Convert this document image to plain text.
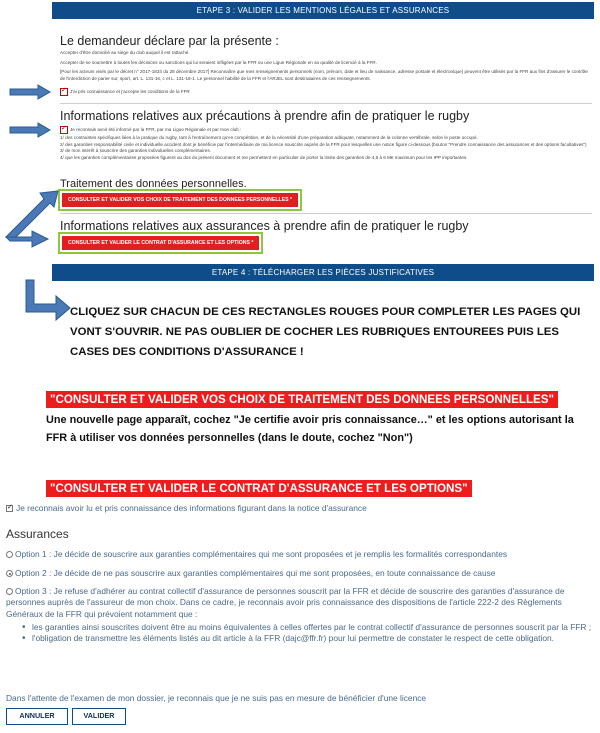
ETAPE 3 : VALIDER LES MENTIONS LÉGALES ET ASSURANCES
Le demandeur déclare par la présente :

Accepter d'être domicilié au siège du club auquel il est rattaché.

Accepter de se soumettre à toutes les décisions ou sanctions qui lui seraient infligées par la FFR ou une Ligue Régionale en sa qualité de licencié à la FFR.

[Pour les acteurs visés par le décret n° 2017-1834 du 28 décembre 2017] Reconnaître que mes renseignements personnels (nom, prénom, date et lieu de naissance, adresse postale et électronique) peuvent être utilisés par la FFR aux fins d'assurer le contrôle de l'interdiction de parier sur, sport, art. L. 131-16, c et L. 131-16-1. Le personnel habilité de la FFR et l'ARJEL sont destinataires de ces renseignements.

✓
J'ai pris connaissance et j'accepte les conditions de la FFR
Informations relatives aux précautions à prendre afin de pratiquer le rugby
✓
Je reconnais avoir été informé par la FFR, par ma Ligue Régionale et par mon club :

1/ des contraintes spécifiques liées à la pratique du rugby, tant à l'entraînement qu'en compétition, et de la nécessité d'une préparation adéquate, notamment de la colonne vertébrale, selon le poste occupé.

2/ des garanties responsabilité civile et individuelle accident dont je bénéficie par l'intermédiaire de ma licence souscrite auprès de la FFR pour lesquelles une notice figure ci-dessous (bouton "Prendre connaissance des assurances et des options facultatives")

3/ de mon intérêt à souscrire des garanties individuelles complémentaires.

4/ que les garanties complémentaires proposées figurent au dos du présent document et me permettent en particulier de porter la limite des garanties de 4,5 à 6 M€ maximum pour les IPP importantes.

Traitement des données personnelles.
CONSULTER ET VALIDER VOS CHOIX DE TRAITEMENT DES DONNEES PERSONNELLES *
Informations relatives aux assurances à prendre afin de pratiquer le rugby
CONSULTER ET VALIDER LE CONTRAT D'ASSURANCE ET LES OPTIONS *
ETAPE 4 : TÉLÉCHARGER LES PIÈCES JUSTIFICATIVES
CLIQUEZ SUR CHACUN DE CES RECTANGLES ROUGES POUR COMPLETER LES PAGES QUI VONT S'OUVRIR. NE PAS OUBLIER DE COCHER LES RUBRIQUES ENTOUREES PUIS LES CASES DES CONDITIONS D'ASSURANCE !
"CONSULTER ET VALIDER VOS CHOIX DE TRAITEMENT DES DONNEES PERSONNELLES"
Une nouvelle page apparaît, cochez "Je certifie avoir pris connaissance…" et les options autorisant la FFR à utiliser vos données personnelles (dans le doute, cochez "Non")
"CONSULTER ET VALIDER LE CONTRAT D'ASSURANCE ET LES OPTIONS"
✓Je reconnais avoir lu et pris connaissance des informations figurant dans la notice d'assurance
Assurances
Option 1 : Je décide de souscrire aux garanties complémentaires qui me sont proposées et je remplis les formalités correspondantes
Option 2 : Je décide de ne pas souscrire aux garanties complémentaires qui me sont proposées, en toute connaissance de cause
Option 3 : Je refuse d'adhérer au contrat collectif d'assurance de personnes souscrit par la FFR et décide de souscrire des garanties d'assurance de personnes auprès de l'assureur de mon choix. Dans ce cadre, je reconnais avoir pris connaissance des dispositions de l'article 222-2 des Règlements Généraux de la FFR qui prévoient notamment que :
• les garanties ainsi souscrites doivent être au moins équivalentes à celles offertes par le contrat collectif d'assurance de personnes souscrit par la FFR ;
• l'obligation de transmettre les éléments listés au dit article à la FFR (dajc@ffr.fr) pour lui permettre de constater le respect de cette obligation.
Dans l'attente de l'examen de mon dossier, je reconnais que je ne suis pas en mesure de bénéficier d'une licence
ANNULER	VALIDER
